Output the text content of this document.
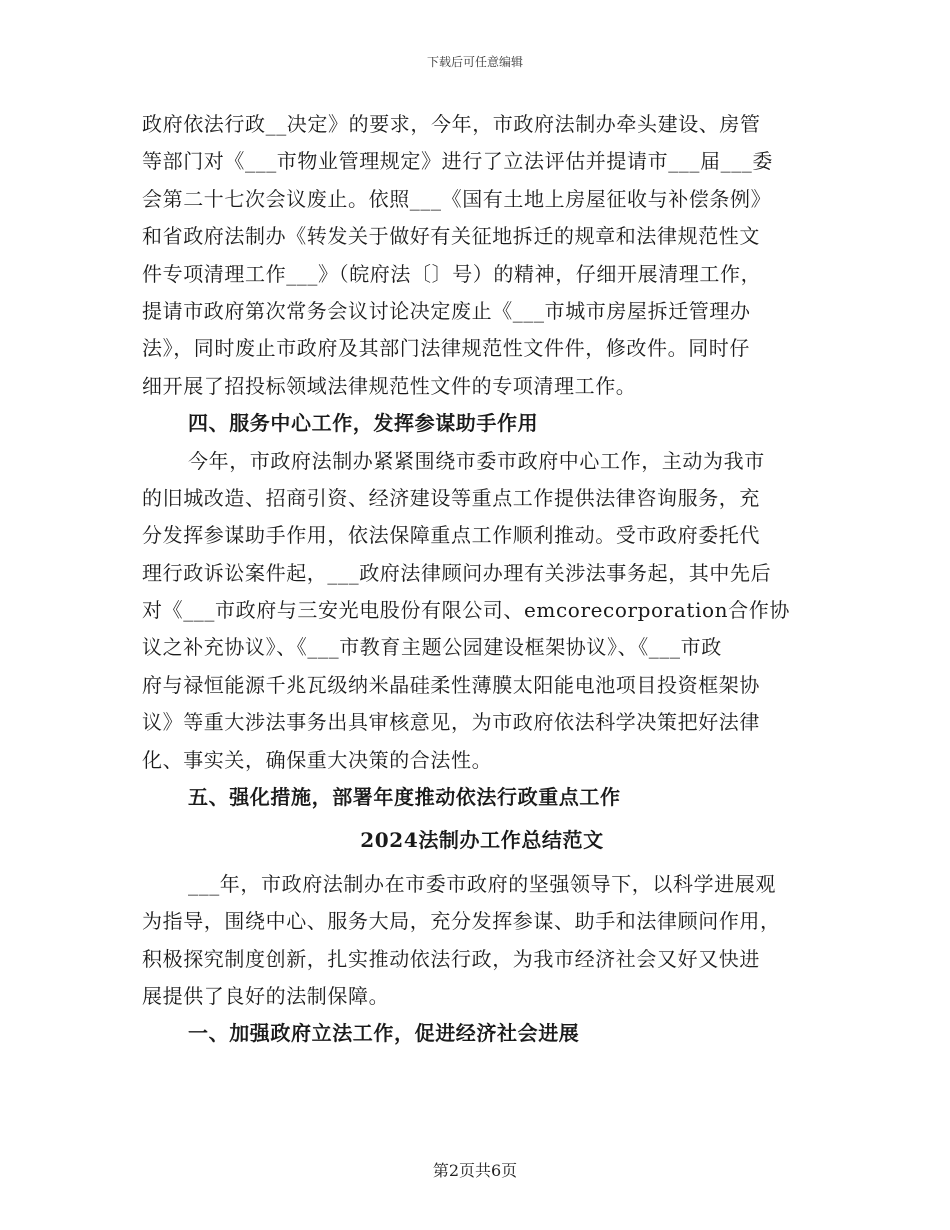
下载后可任意编辑
政府依法行政__决定》的要求，今年，市政府法制办牵头建设、房管
等部门对《___市物业管理规定》进行了立法评估并提请市___届___委
会第二十七次会议废止。依照___《国有土地上房屋征收与补偿条例》
和省政府法制办《转发关于做好有关征地拆迁的规章和法律规范性文
件专项清理工作___》（皖府法〔〕号）的精神，仔细开展清理工作，
提请市政府第次常务会议讨论决定废止《___市城市房屋拆迁管理办
法》，同时废止市政府及其部门法律规范性文件件，修改件。同时仔
细开展了招投标领域法律规范性文件的专项清理工作。
四、服务中心工作，发挥参谋助手作用
今年，市政府法制办紧紧围绕市委市政府中心工作，主动为我市
的旧城改造、招商引资、经济建设等重点工作提供法律咨询服务，充
分发挥参谋助手作用，依法保障重点工作顺利推动。受市政府委托代
理行政诉讼案件起，___政府法律顾问办理有关涉法事务起，其中先后
对《___市政府与三安光电股份有限公司、emcorecorporation合作协
议之补充协议》、《___市教育主题公园建设框架协议》、《___市政
府与禄恒能源千兆瓦级纳米晶硅柔性薄膜太阳能电池项目投资框架协
议》等重大涉法事务出具审核意见，为市政府依法科学决策把好法律
化、事实关，确保重大决策的合法性。
五、强化措施，部署年度推动依法行政重点工作
2024法制办工作总结范文
___年，市政府法制办在市委市政府的坚强领导下，以科学进展观
为指导，围绕中心、服务大局，充分发挥参谋、助手和法律顾问作用，
积极探究制度创新，扎实推动依法行政，为我市经济社会又好又快进
展提供了良好的法制保障。
一、加强政府立法工作，促进经济社会进展
第2页共6页
